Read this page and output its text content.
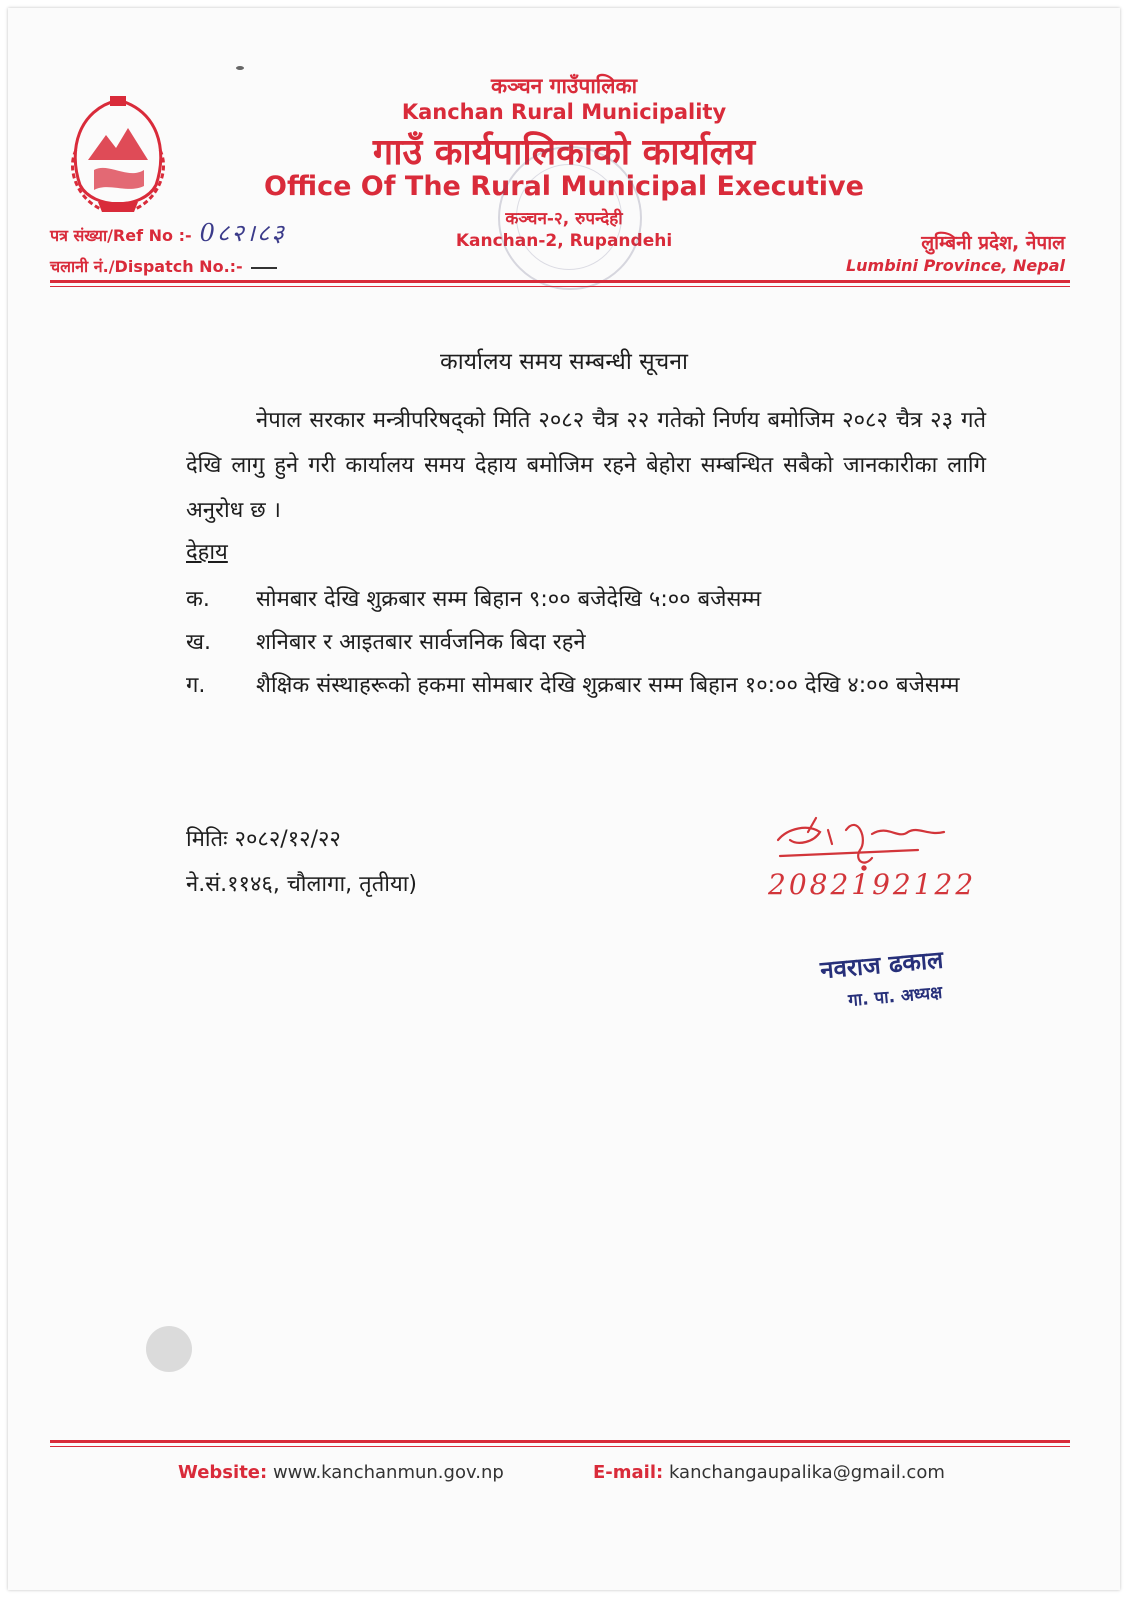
कञ्चन गाउँपालिका
Kanchan Rural Municipality
गाउँ कार्यपालिकाको कार्यालय
Office Of The Rural Municipal Executive
कञ्चन-२, रुपन्देही
Kanchan-2, Rupandehi
पत्र संख्या/Ref No :- 0८२।८३
चलानी नं./Dispatch No.:-
लुम्बिनी प्रदेश, नेपाल
Lumbini Province, Nepal
कार्यालय समय सम्बन्धी सूचना
नेपाल सरकार मन्त्रीपरिषद्को मिति २०८२ चैत्र २२ गतेको निर्णय बमोजिम २०८२ चैत्र २३ गते देखि लागु हुने गरी कार्यालय समय देहाय बमोजिम रहने बेहोरा सम्बन्धित सबैको जानकारीका लागि अनुरोध छ ।
देहाय
क. सोमबार देखि शुक्रबार सम्म बिहान ९:०० बजेदेखि ५:०० बजेसम्म
ख. शनिबार र आइतबार सार्वजनिक बिदा रहने
ग. शैक्षिक संस्थाहरूको हकमा सोमबार देखि शुक्रबार सम्म बिहान १०:०० देखि ४:०० बजेसम्म
मितिः २०८२/१२/२२
ने.सं.११४६, चौलागा, तृतीया)	2082192122
नवराज ढकाल
गा. पा. अध्यक्ष
Website: www.kanchanmun.gov.np	E-mail: kanchangaupalika@gmail.com
